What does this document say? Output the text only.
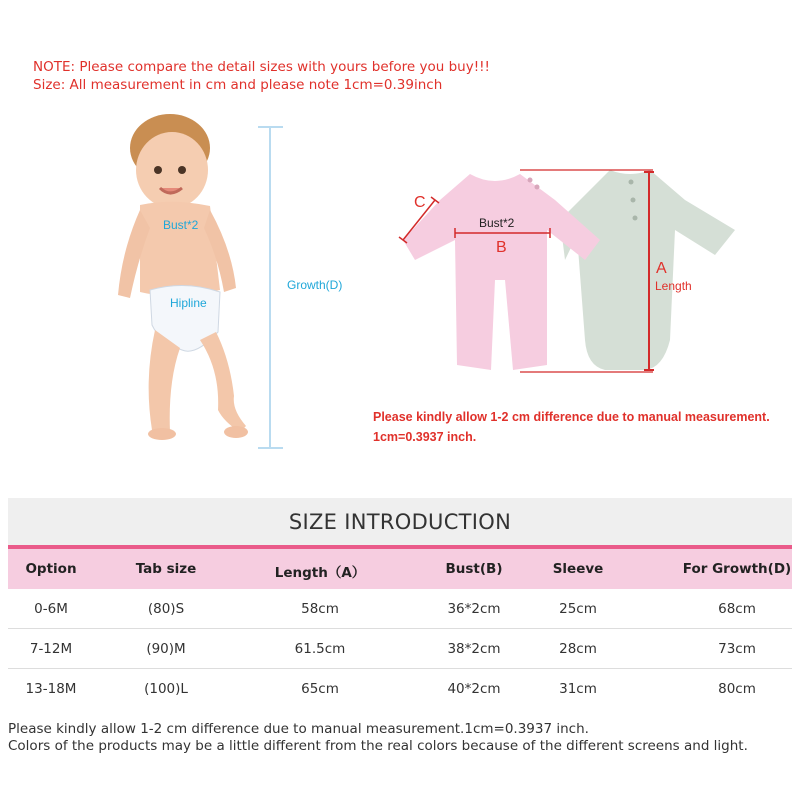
NOTE: Please compare the detail sizes with yours before you buy!!!
Size: All measurement in cm and please note 1cm=0.39inch
Bust*2
Hipline
Growth(D)
C
Bust*2
B
A
Length
Please kindly allow 1-2 cm difference due to manual measurement.
1cm=0.3937 inch.
SIZE INTRODUCTION
Option	Tab size	Length（A）	Bust(B)	Sleeve	For Growth(D)
0-6M	(80)S	58cm	36*2cm	25cm	68cm
7-12M	(90)M	61.5cm	38*2cm	28cm	73cm
13-18M	(100)L	65cm	40*2cm	31cm	80cm
Please kindly allow 1-2 cm difference due to manual measurement.1cm=0.3937 inch.
Colors of the products may be a little different from the real colors because of the different screens and light.
